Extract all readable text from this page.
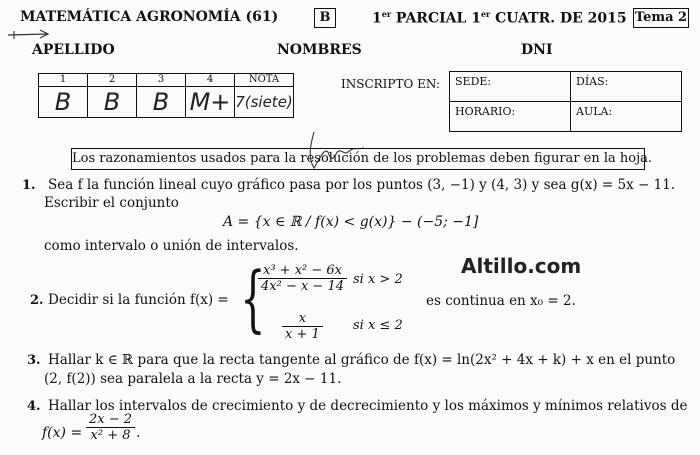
MATEMÁTICA AGRONOMÍA (61)	B	1er PARCIAL 1er CUATR. DE 2015 Tema 2
APELLIDO	NOMBRES	DNI
1	2	3	4	NOTA
B	B	B	M+	7(siete)
INSCRIPTO EN: SEDE:	DÍAS:
HORARIO:	AULA:
Los razonamientos usados para la resolución de los problemas deben figurar en la hoja.
1. Sea f la función lineal cuyo gráfico pasa por los puntos (3, −1) y (4, 3) y sea g(x) = 5x − 11.
Escribir el conjunto
A = {x ∈ ℝ / f(x) < g(x)} − (−5; −1]
como intervalo o unión de intervalos.
Altillo.com
2. Decidir si la función f(x) = {
$\frac{\text{x³ + x² − 6x}}{\text{4x² − x − 14}}$ si x > 2
$\frac{x}{x + 1}$ si x ≤ 2
es continua en x₀ = 2.
3. Hallar k ∈ ℝ para que la recta tangente al gráfico de f(x) = ln(2x² + 4x + k) + x en el punto
(2, f(2)) sea paralela a la recta y = 2x − 11.
4. Hallar los intervalos de crecimiento y de decrecimiento y los máximos y mínimos relativos de
$f(x) = \frac{2x - 2}{\text{x² + 8}}$ .
